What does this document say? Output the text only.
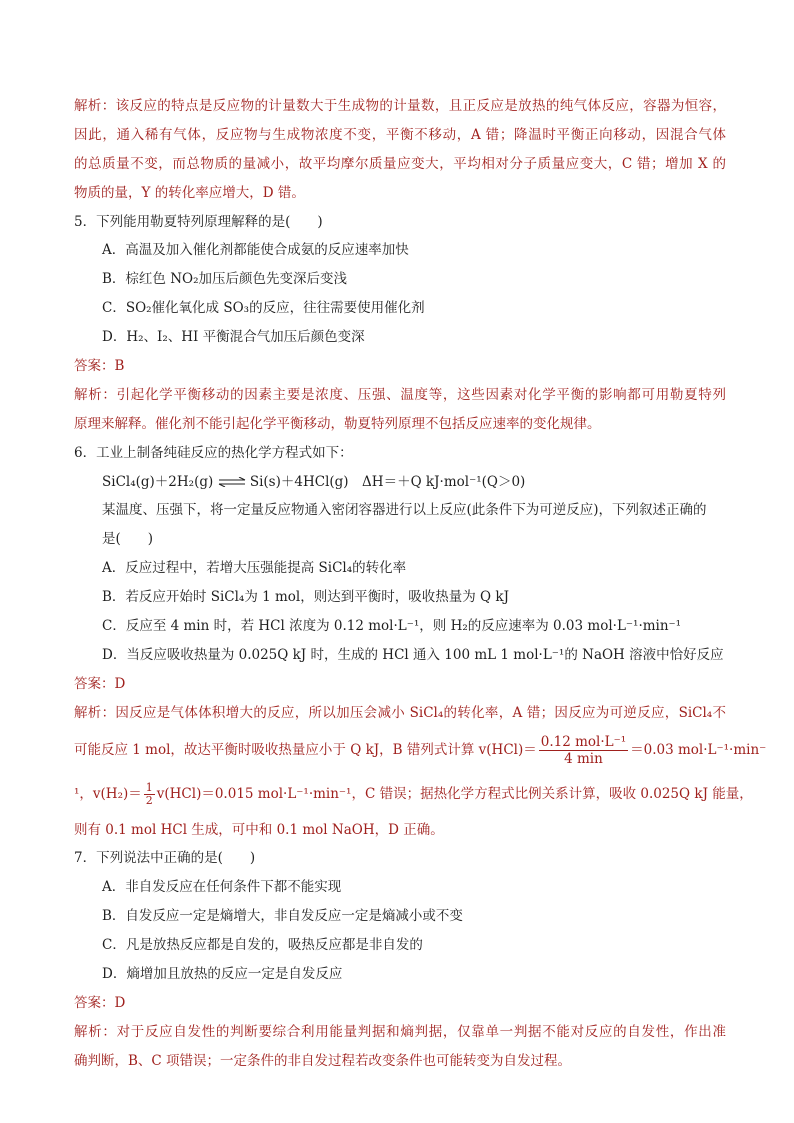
解析：该反应的特点是反应物的计量数大于生成物的计量数，且正反应是放热的纯气体反应，容器为恒容，
因此，通入稀有气体，反应物与生成物浓度不变，平衡不移动，A 错；降温时平衡正向移动，因混合气体
的总质量不变，而总物质的量减小，故平均摩尔质量应变大，平均相对分子质量应变大，C 错；增加 X 的
物质的量，Y 的转化率应增大，D 错。
5．下列能用勒夏特列原理解释的是(　　)
A．高温及加入催化剂都能使合成氨的反应速率加快
B．棕红色 NO₂加压后颜色先变深后变浅
C．SO₂催化氧化成 SO₃的反应，往往需要使用催化剂
D．H₂、I₂、HI 平衡混合气加压后颜色变深
答案：B
解析：引起化学平衡移动的因素主要是浓度、压强、温度等，这些因素对化学平衡的影响都可用勒夏特列
原理来解释。催化剂不能引起化学平衡移动，勒夏特列原理不包括反应速率的变化规律。
6．工业上制备纯硅反应的热化学方程式如下：
SiCl₄(g)＋2H₂(g) ⇌ Si(s)＋4HCl(g)　ΔH＝＋Q kJ·mol⁻¹(Q＞0)
某温度、压强下，将一定量反应物通入密闭容器进行以上反应(此条件下为可逆反应)，下列叙述正确的
是(　　)
A．反应过程中，若增大压强能提高 SiCl₄的转化率
B．若反应开始时 SiCl₄为 1 mol，则达到平衡时，吸收热量为 Q kJ
C．反应至 4 min 时，若 HCl 浓度为 0.12 mol·L⁻¹，则 H₂的反应速率为 0.03 mol·L⁻¹·min⁻¹
D．当反应吸收热量为 0.025Q kJ 时，生成的 HCl 通入 100 mL 1 mol·L⁻¹的 NaOH 溶液中恰好反应
答案：D
解析：因反应是气体体积增大的反应，所以加压会减小 SiCl₄的转化率，A 错；因反应为可逆反应，SiCl₄不
可能反应 1 mol，故达平衡时吸收热量应小于 Q kJ，B 错列式计算 $v(HCl)= \frac{\text{0.12 mol·L⁻¹}}{4 \min} =0.03$ mol·L⁻¹·min⁻
¹，$v(H_2)= \frac{1}{2} v(HCl)=0.015$ mol·L⁻¹·min⁻¹，C 错误；据热化学方程式比例关系计算，吸收 0.025Q kJ 能量，
则有 0.1 mol HCl 生成，可中和 0.1 mol NaOH，D 正确。
7．下列说法中正确的是(　　)
A．非自发反应在任何条件下都不能实现
B．自发反应一定是熵增大，非自发反应一定是熵减小或不变
C．凡是放热反应都是自发的，吸热反应都是非自发的
D．熵增加且放热的反应一定是自发反应
答案：D
解析：对于反应自发性的判断要综合利用能量判据和熵判据，仅靠单一判据不能对反应的自发性，作出准
确判断，B、C 项错误；一定条件的非自发过程若改变条件也可能转变为自发过程。
